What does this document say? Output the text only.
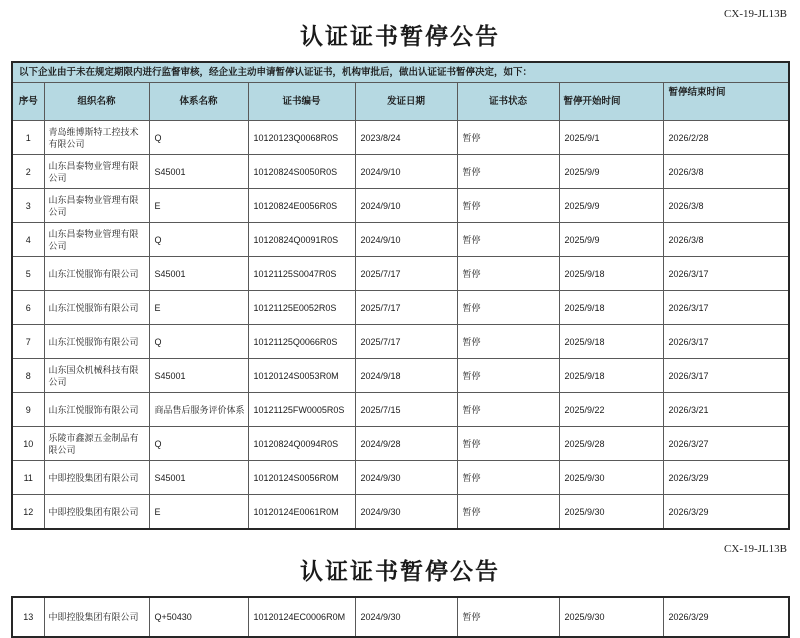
CX-19-JL13B
认证证书暂停公告
以下企业由于未在规定期限内进行监督审核，经企业主动申请暂停认证证书，机构审批后，做出认证证书暂停决定，如下：							
序号	组织名称	体系名称	证书编号	发证日期	证书状态	暂停开始时间	暂停结束时间
1	青岛维博斯特工控技术有限公司	Q	10120123Q0068R0S	2023/8/24	暂停	2025/9/1	2026/2/28
2	山东昌泰物业管理有限公司	S45001	10120824S0050R0S	2024/9/10	暂停	2025/9/9	2026/3/8
3	山东昌泰物业管理有限公司	E	10120824E0056R0S	2024/9/10	暂停	2025/9/9	2026/3/8
4	山东昌泰物业管理有限公司	Q	10120824Q0091R0S	2024/9/10	暂停	2025/9/9	2026/3/8
5	山东江悦服饰有限公司	S45001	10121125S0047R0S	2025/7/17	暂停	2025/9/18	2026/3/17
6	山东江悦服饰有限公司	E	10121125E0052R0S	2025/7/17	暂停	2025/9/18	2026/3/17
7	山东江悦服饰有限公司	Q	10121125Q0066R0S	2025/7/17	暂停	2025/9/18	2026/3/17
8	山东国众机械科技有限公司	S45001	10120124S0053R0M	2024/9/18	暂停	2025/9/18	2026/3/17
9	山东江悦服饰有限公司	商品售后服务评价体系	10121125FW0005R0S	2025/7/15	暂停	2025/9/22	2026/3/21
10	乐陵市鑫源五金制品有限公司	Q	10120824Q0094R0S	2024/9/28	暂停	2025/9/28	2026/3/27
11	中即控股集团有限公司	S45001	10120124S0056R0M	2024/9/30	暂停	2025/9/30	2026/3/29
12	中即控股集团有限公司	E	10120124E0061R0M	2024/9/30	暂停	2025/9/30	2026/3/29
CX-19-JL13B
认证证书暂停公告
13	中即控股集团有限公司	Q+50430	10120124EC0006R0M	2024/9/30	暂停	2025/9/30	2026/3/29
